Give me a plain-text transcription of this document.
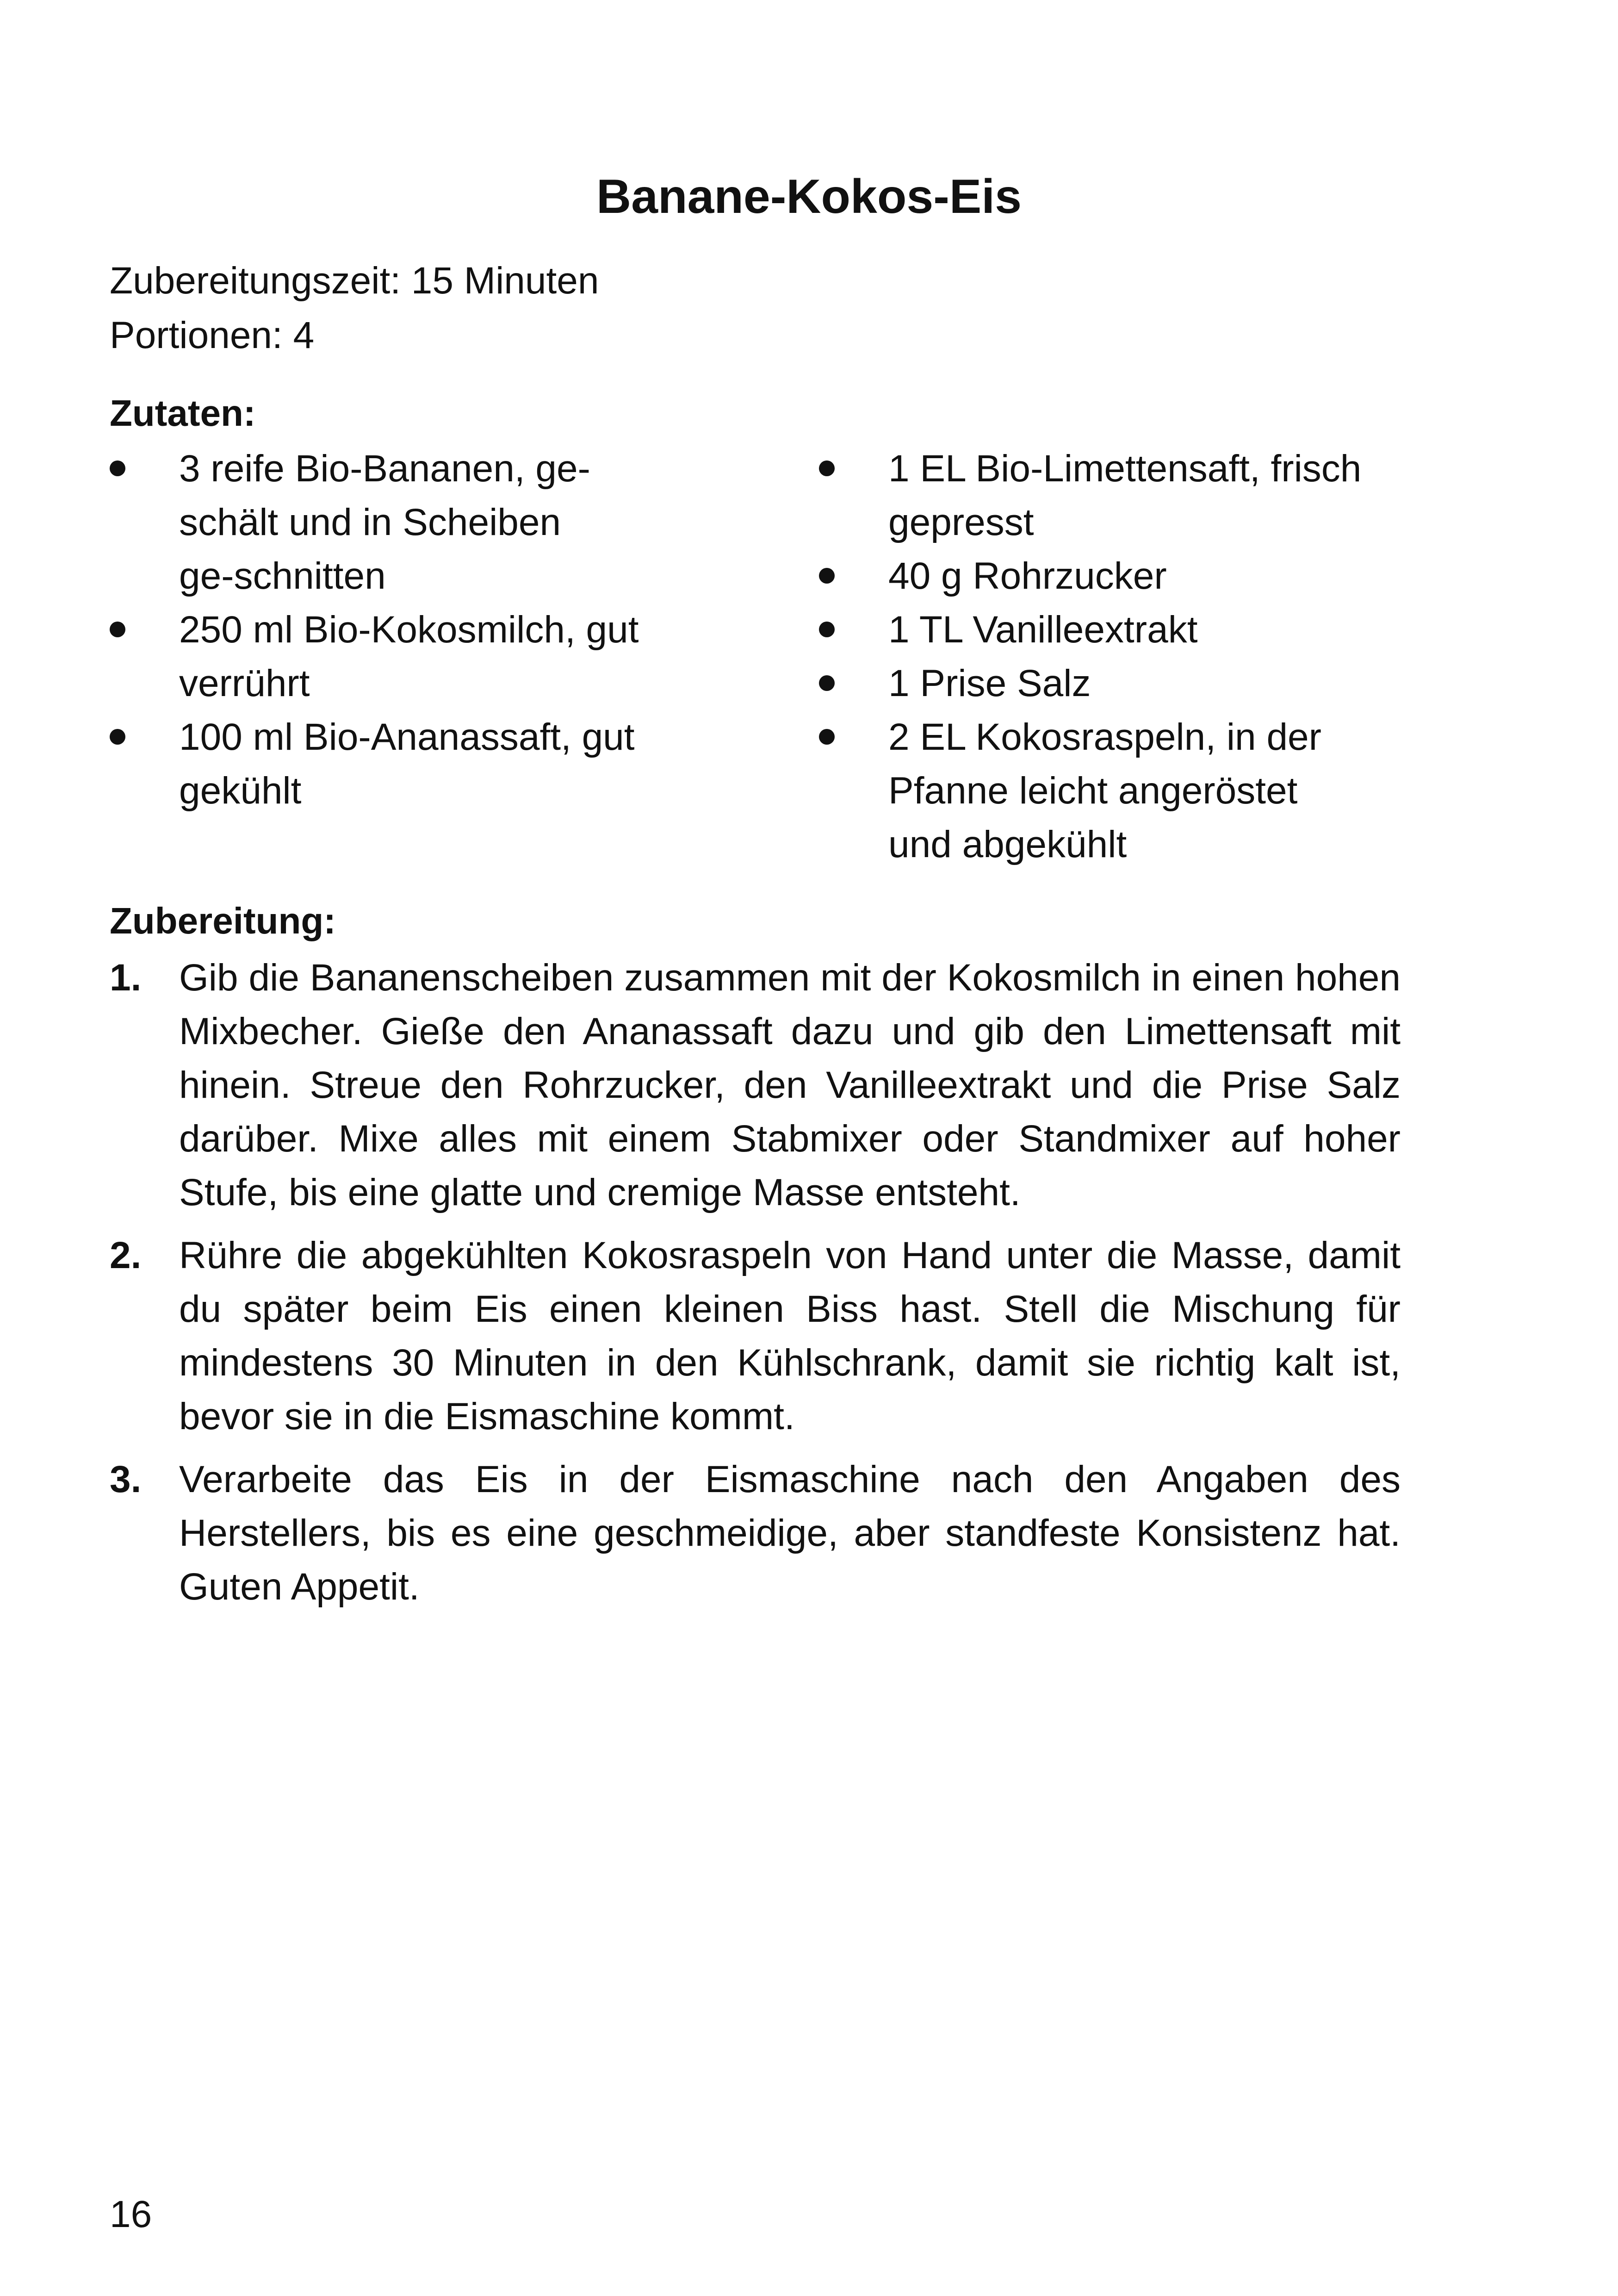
Banane-Kokos-Eis
Zubereitungszeit: 15 Minuten
Portionen: 4
Zutaten:
3 reife Bio-Bananen, ge-schält und in Scheiben ge-schnitten
250 ml Bio-Kokosmilch, gut verrührt
100 ml Bio-Ananassaft, gut gekühlt
1 EL Bio-Limettensaft, frisch gepresst
40 g Rohrzucker
1 TL Vanilleextrakt
1 Prise Salz
2 EL Kokosraspeln, in der Pfanne leicht angeröstet und abgekühlt
Zubereitung:
1. Gib die Bananenscheiben zusammen mit der Kokosmilch in einen hohen Mixbecher. Gieße den Ananassaft dazu und gib den Limettensaft mit hinein. Streue den Rohrzucker, den Vanilleextrakt und die Prise Salz darüber. Mixe alles mit einem Stabmixer oder Standmixer auf hoher Stufe, bis eine glatte und cremige Masse entsteht.
2. Rühre die abgekühlten Kokosraspeln von Hand unter die Masse, damit du später beim Eis einen kleinen Biss hast. Stell die Mischung für mindestens 30 Minuten in den Kühlschrank, damit sie richtig kalt ist, bevor sie in die Eismaschine kommt.
3. Verarbeite das Eis in der Eismaschine nach den Angaben des Herstellers, bis es eine geschmeidige, aber standfeste Konsistenz hat. Guten Appetit.
16
